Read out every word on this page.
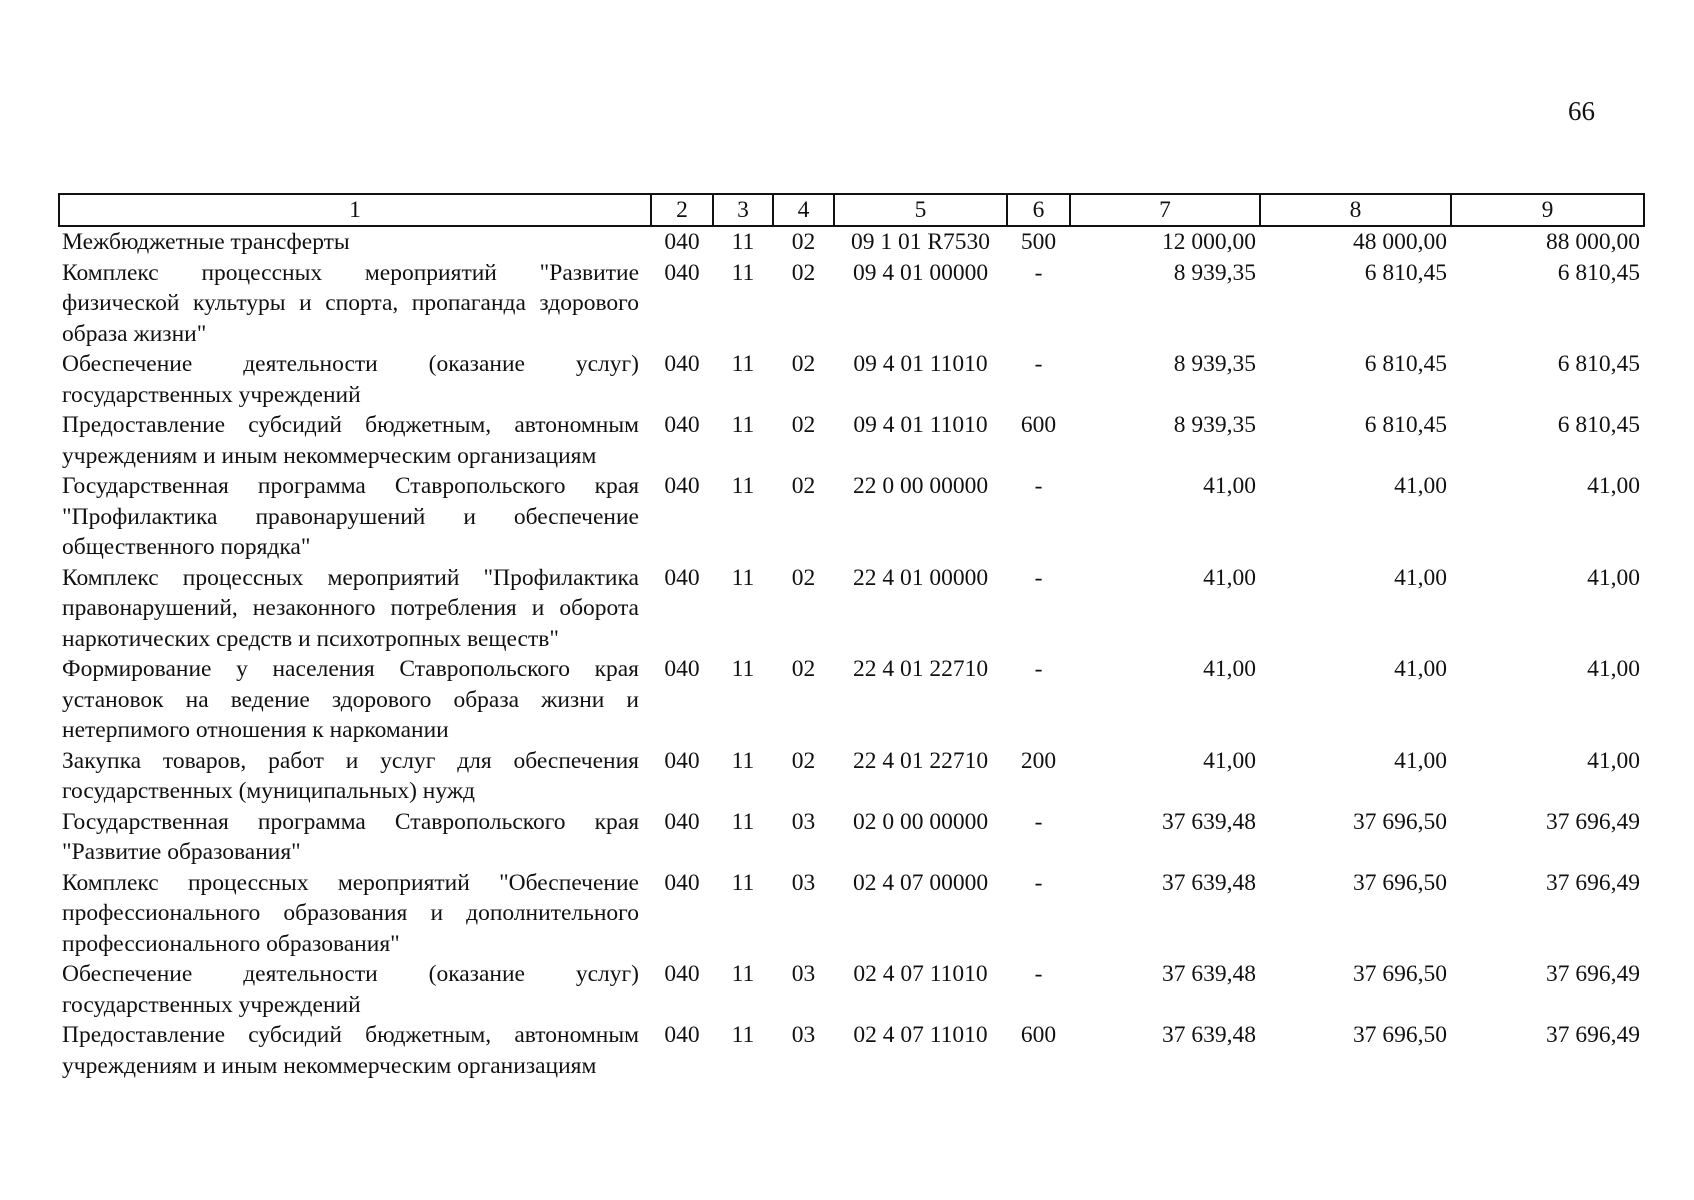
66
1	2	3	4	5	6	7	8	9
Межбюджетные трансферты	040	11	02	09 1 01 R7530	500	12 000,00	48 000,00	88 000,00
Комплекс процессных мероприятий "Развитие физической культуры и спорта, пропаганда здорового образа жизни"	040	11	02	09 4 01 00000	-	8 939,35	6 810,45	6 810,45
Обеспечение деятельности (оказание услуг) государственных учреждений	040	11	02	09 4 01 11010	-	8 939,35	6 810,45	6 810,45
Предоставление субсидий бюджетным, автономным учреждениям и иным некоммерческим организациям	040	11	02	09 4 01 11010	600	8 939,35	6 810,45	6 810,45
Государственная программа Ставропольского края "Профилактика правонарушений и обеспечение общественного порядка"	040	11	02	22 0 00 00000	-	41,00	41,00	41,00
Комплекс процессных мероприятий "Профилактика правонарушений, незаконного потребления и оборота наркотических средств и психотропных веществ"	040	11	02	22 4 01 00000	-	41,00	41,00	41,00
Формирование у населения Ставропольского края установок на ведение здорового образа жизни и нетерпимого отношения к наркомании	040	11	02	22 4 01 22710	-	41,00	41,00	41,00
Закупка товаров, работ и услуг для обеспечения государственных (муниципальных) нужд	040	11	02	22 4 01 22710	200	41,00	41,00	41,00
Государственная программа Ставропольского края "Развитие образования"	040	11	03	02 0 00 00000	-	37 639,48	37 696,50	37 696,49
Комплекс процессных мероприятий "Обеспечение профессионального образования и дополнительного профессионального образования"	040	11	03	02 4 07 00000	-	37 639,48	37 696,50	37 696,49
Обеспечение деятельности (оказание услуг) государственных учреждений	040	11	03	02 4 07 11010	-	37 639,48	37 696,50	37 696,49
Предоставление субсидий бюджетным, автономным учреждениям и иным некоммерческим организациям	040	11	03	02 4 07 11010	600	37 639,48	37 696,50	37 696,49
